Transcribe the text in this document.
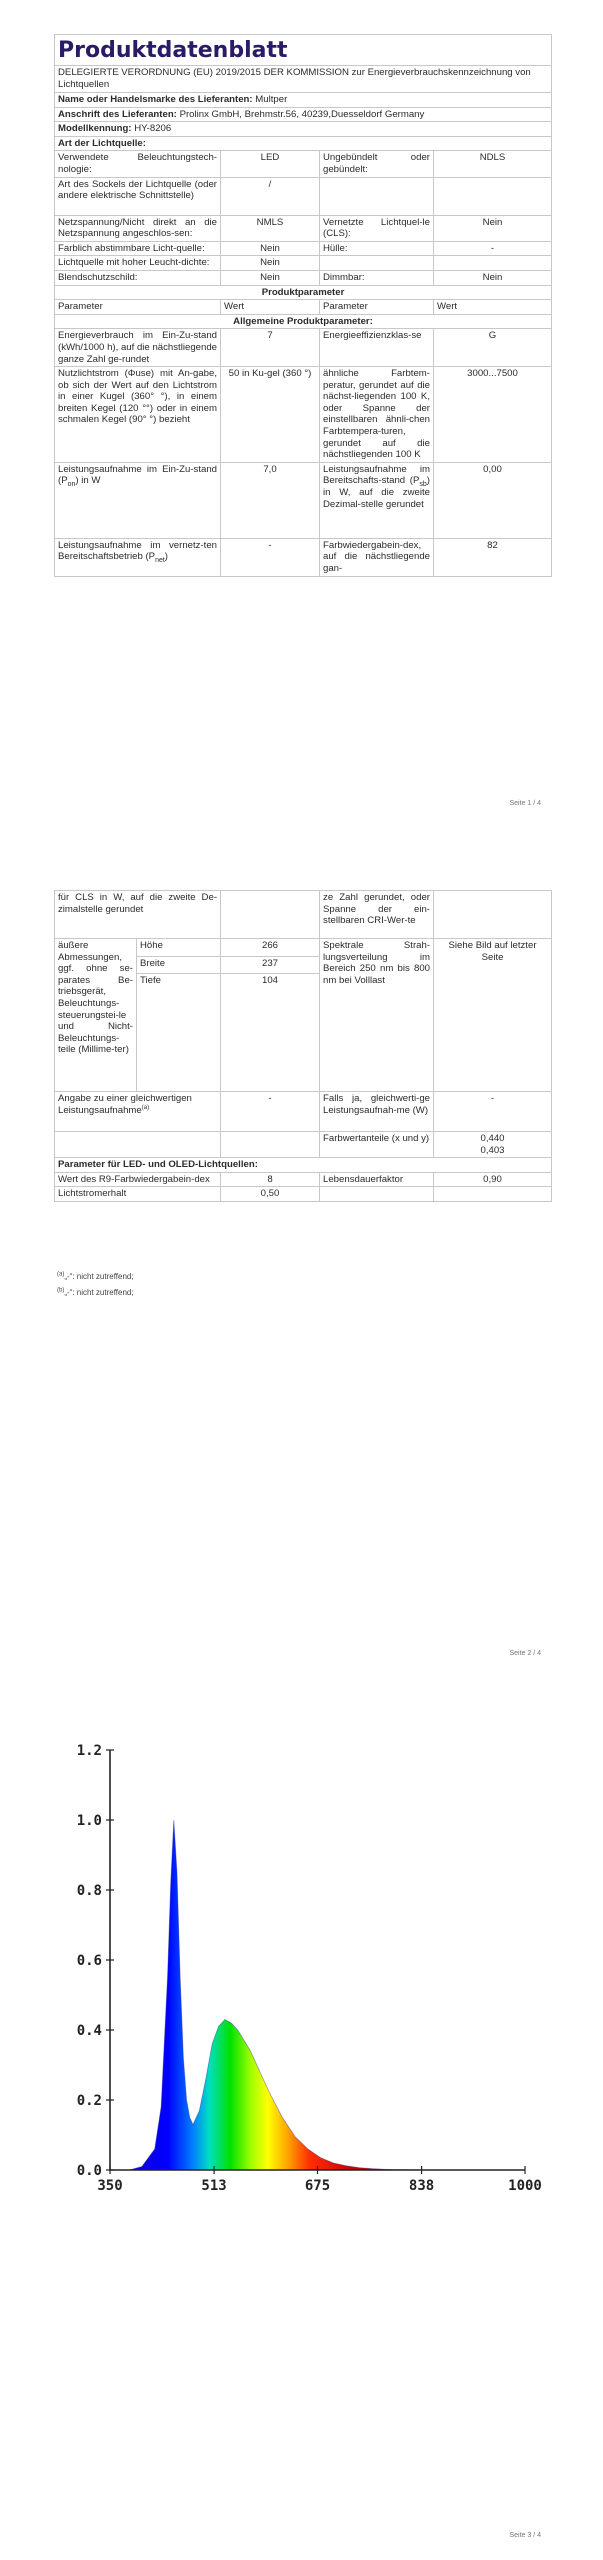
Produktdatenblatt			
DELEGIERTE VERORDNUNG (EU) 2019/2015 DER KOMMISSION zur Energieverbrauchskennzeichnung von Lichtquellen			
Name oder Handelsmarke des Lieferanten: Multper			
Anschrift des Lieferanten: Prolinx GmbH, Brehmstr.56, 40239,Duesseldorf Germany			
Modellkennung: HY-8206			
Art der Lichtquelle:			
Verwendete Beleuchtungstech-nologie:	LED	Ungebündelt oder gebündelt:	NDLS
Art des Sockels der Lichtquelle (oder andere elektrische Schnittstelle)	/		
Netzspannung/Nicht direkt an die Netzspannung angeschlos-sen:	NMLS	Vernetzte Lichtquel-le (CLS):	Nein
Farblich abstimmbare Licht-quelle:	Nein	Hülle:	-
Lichtquelle mit hoher Leucht-dichte:	Nein		
Blendschutzschild:	Nein	Dimmbar:	Nein
Produktparameter			
Parameter	Wert	Parameter	Wert
Allgemeine Produktparameter:			
Energieverbrauch im Ein-Zu-stand (kWh/1000 h), auf die nächstliegende ganze Zahl ge-rundet	7	Energieeffizienzklas-se	G
Nutzlichtstrom (Φuse) mit An-gabe, ob sich der Wert auf den Lichtstrom in einer Kugel (360° °), in einem breiten Kegel (120 °°) oder in einem schmalen Kegel (90° °) bezieht	50 in Ku-gel (360 °)	ähnliche Farbtem-peratur, gerundet auf die nächst-liegenden 100 K, oder Spanne der einstellbaren ähnli-chen Farbtempera-turen, gerundet auf die nächstliegenden 100 K	3000...7500
Leistungsaufnahme im Ein-Zu-stand $(P_{on})$ in W	7,0	Leistungsaufnahme im Bereitschafts-stand $(P_{sb})$ in W, auf die zweite Dezimal-stelle gerundet	0,00
Leistungsaufnahme im vernetz-ten Bereitschaftsbetrieb $(P_{net})$	-	Farbwiedergabein-dex, auf die nächstliegende gan-	82
Seite 1 / 4
für CLS in W, auf die zweite De-zimalstelle gerundet			ze Zahl gerundet, oder Spanne der ein-stellbaren CRI-Wer-te	
äußere Abmessungen, ggf. ohne se-parates Be-triebsgerät, Beleuchtungs-steuerungstei-le und Nicht-Beleuchtungs-teile (Millime-ter)	Höhe	266	Spektrale Strah-lungsverteilung im Bereich 250 nm bis 800 nm bei Volllast	Siehe Bild auf letzter Seite
	Breite	237		
	Tiefe	104		
Angabe zu einer gleichwertigen Leistungsaufnahme$^{(a)}$		-	Falls ja, gleichwerti-ge Leistungsaufnah-me (W)	-
			Farbwertanteile (x und y)	0,440
0,403

Parameter für LED- und OLED-Lichtquellen:				
Wert des R9-Farbwiedergabein-dex		8	Lebensdauerfaktor	0,90
Lichtstromerhalt		0,50		
$^{(a)}$„-“: nicht zutreffend;
$^{(b)}$„-“: nicht zutreffend;
Seite 2 / 4
0.0
0.2
0.4
0.6
0.8
1.0
1.2
350	513	675	838	1000
Seite 3 / 4
